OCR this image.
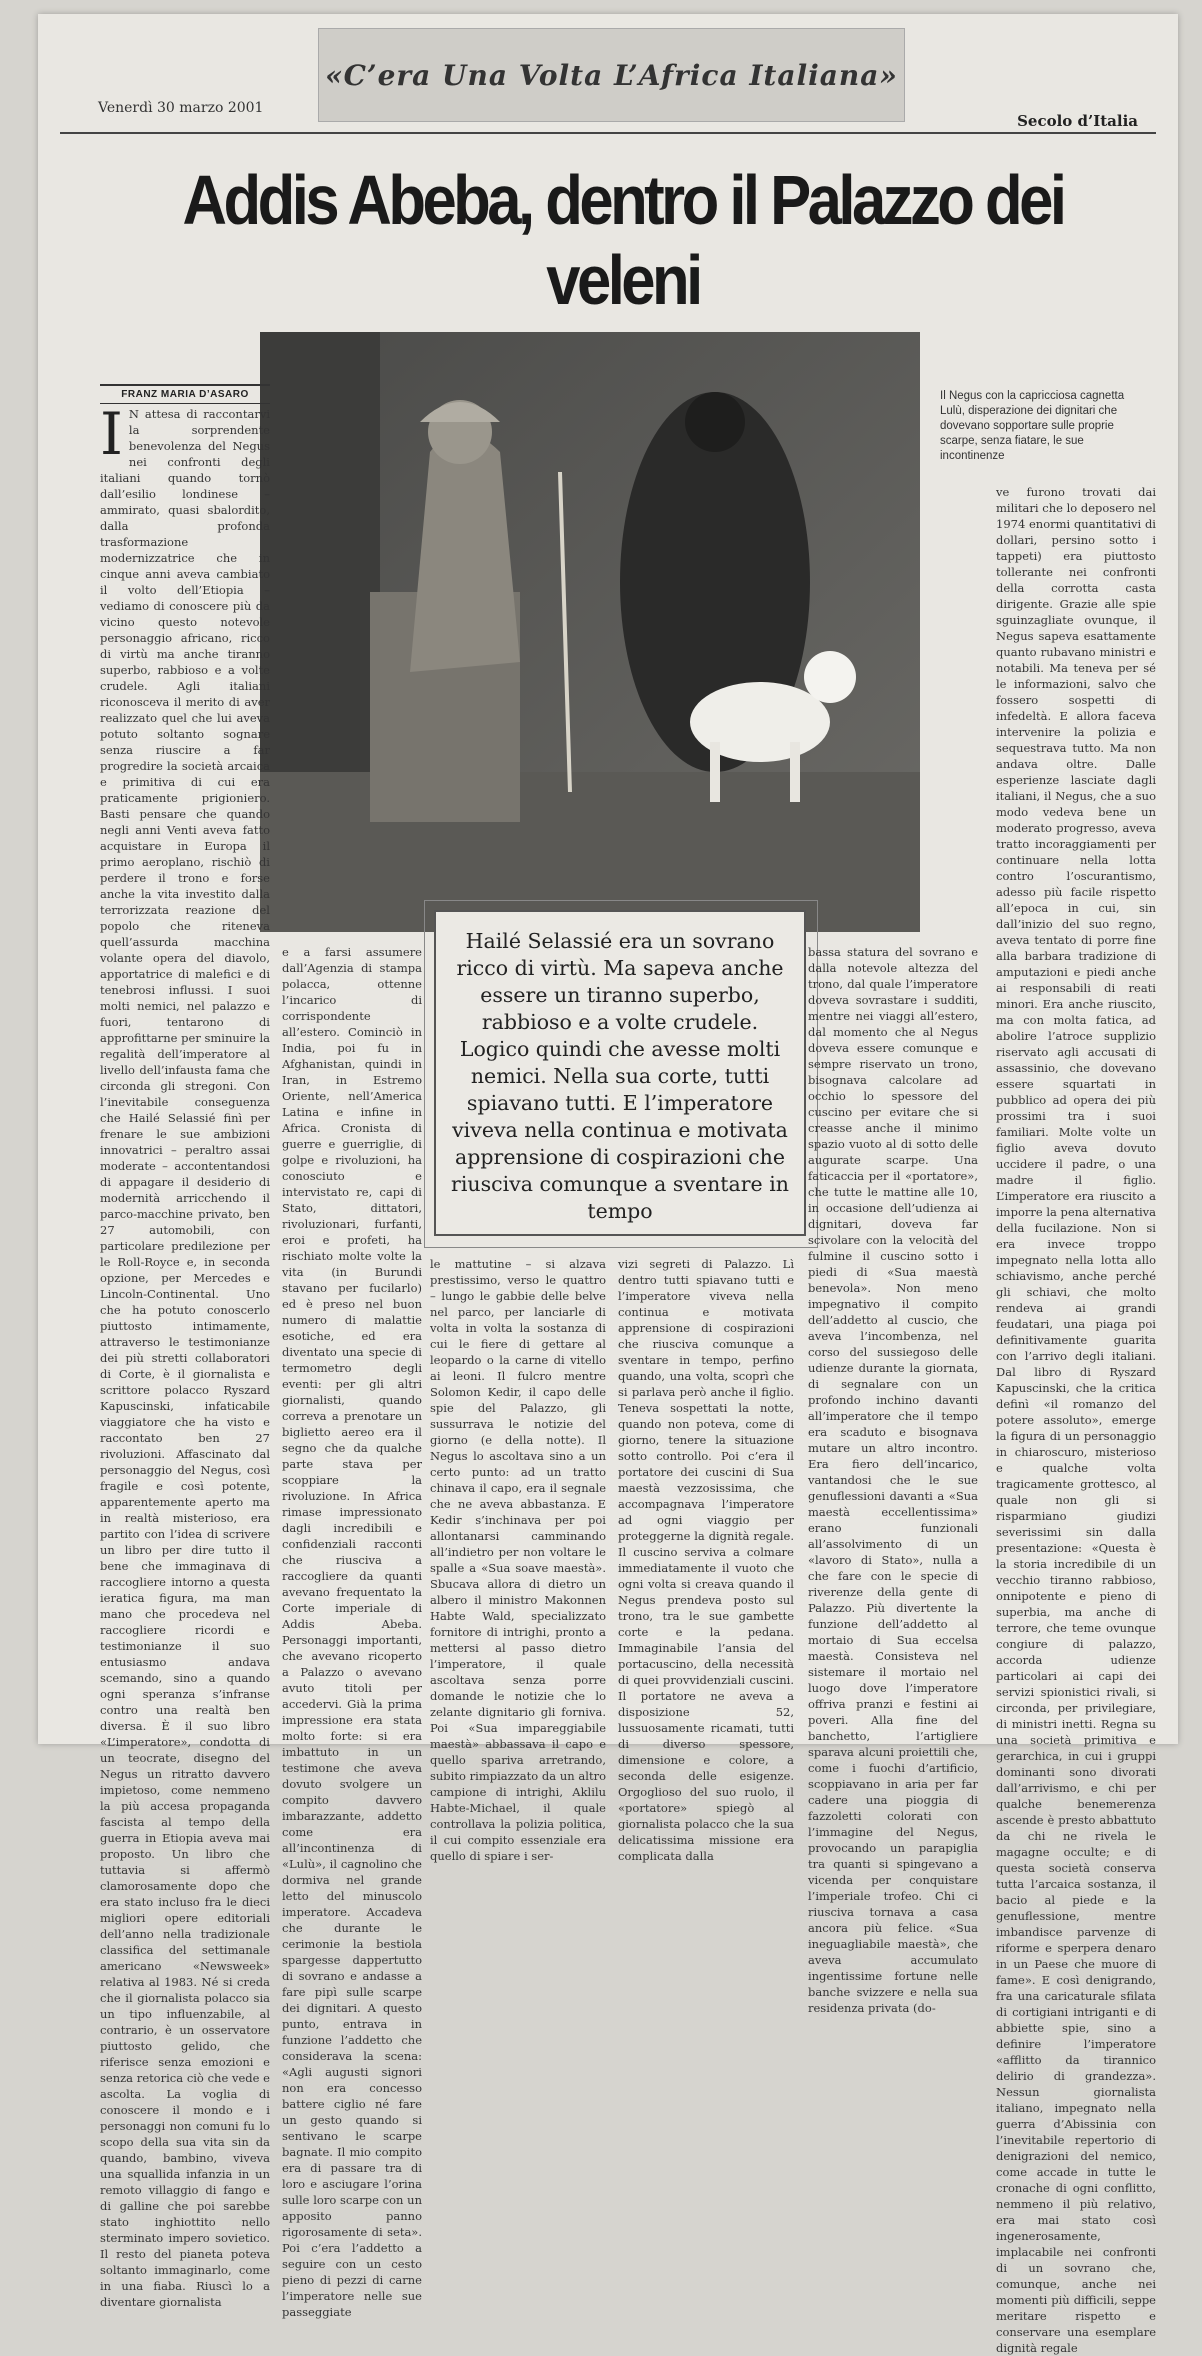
«C’era Una Volta L’Africa Italiana»
Venerdì 30 marzo 2001
Secolo d’Italia
Addis Abeba, dentro il Palazzo dei veleni
FRANZ MARIA D’ASARO	Il Negus con la capricciosa cagnetta Lulù, disperazione dei dignitari che dovevano sopportare sulle proprie scarpe, senza fiatare, le sue incontinenze
I N attesa di raccontarvi la sorprendente benevolenza del Negus nei confronti degli italiani quando tornò dall’esilio londinese – ammirato, quasi sbalordito, dalla profonda trasformazione modernizzatrice che in cinque anni aveva cambiato il volto dell’Etiopia – vediamo di conoscere più da vicino questo notevole personaggio africano, ricco di virtù ma anche tiranno superbo, rabbioso e a volte crudele. Agli italiani riconosceva il merito di aver realizzato quel che lui aveva potuto soltanto sognare senza riuscire a far progredire la società arcaica e primitiva di cui era praticamente prigioniero. Basti pensare che quando negli anni Venti aveva fatto acquistare in Europa il primo aeroplano, rischiò di perdere il trono e forse anche la vita investito dalla terrorizzata reazione del popolo che riteneva quell’assurda macchina volante opera del diavolo, apportatrice di malefici e di tenebrosi influssi. I suoi molti nemici, nel palazzo e fuori, tentarono di approfittarne per sminuire la regalità dell’imperatore al livello dell’infausta fama che circonda gli stregoni. Con l’inevitabile conseguenza che Hailé Selassié finì per frenare le sue ambizioni innovatrici – peraltro assai moderate – accontentandosi di appagare il desiderio di modernità arricchendo il parco-macchine privato, ben 27 automobili, con particolare predilezione per le Roll-Royce e, in seconda opzione, per Mercedes e Lincoln-Continental. Uno che ha potuto conoscerlo piuttosto intimamente, attraverso le testimonianze dei più stretti collaboratori di Corte, è il giornalista e scrittore polacco Ryszard Kapuscinski, infaticabile viaggiatore che ha visto e raccontato ben 27 rivoluzioni. Affascinato dal personaggio del Negus, così fragile e così potente, apparentemente aperto ma in realtà misterioso, era partito con l’idea di scrivere un libro per dire tutto il bene che immaginava di raccogliere intorno a questa ieratica figura, ma man mano che procedeva nel raccogliere ricordi e testimonianze il suo entusiasmo andava scemando, sino a quando ogni speranza s’infranse contro una realtà ben diversa. È il suo libro «L’imperatore», condotta di un teocrate, disegno del Negus un ritratto davvero impietoso, come nemmeno la più accesa propaganda fascista al tempo della guerra in Etiopia aveva mai proposto. Un libro che tuttavia si affermò clamorosamente dopo che era stato incluso fra le dieci migliori opere editoriali dell’anno nella tradizionale classifica del settimanale americano «Newsweek» relativa al 1983. Né si creda che il giornalista polacco sia un tipo influenzabile, al contrario, è un osservatore piuttosto gelido, che riferisce senza emozioni e senza retorica ciò che vede e ascolta. La voglia di conoscere il mondo e i personaggi non comuni fu lo scopo della sua vita sin da quando, bambino, viveva una squallida infanzia in un remoto villaggio di fango e di galline che poi sarebbe stato inghiottito nello sterminato impero sovietico. Il resto del pianeta poteva soltanto immaginarlo, come in una fiaba. Riuscì lo a diventare giornalista
e a farsi assumere dall’Agenzia di stampa polacca, ottenne l’incarico di corrispondente all’estero. Cominciò in India, poi fu in Afghanistan, quindi in Iran, in Estremo Oriente, nell’America Latina e infine in Africa. Cronista di guerre e guerriglie, di golpe e rivoluzioni, ha conosciuto e intervistato re, capi di Stato, dittatori, rivoluzionari, furfanti, eroi e profeti, ha rischiato molte volte la vita (in Burundi stavano per fucilarlo) ed è preso nel buon numero di malattie esotiche, ed era diventato una specie di termometro degli eventi: per gli altri giornalisti, quando correva a prenotare un biglietto aereo era il segno che da qualche parte stava per scoppiare la rivoluzione. In Africa rimase impressionato dagli incredibili e confidenziali racconti che riusciva a raccogliere da quanti avevano frequentato la Corte imperiale di Addis Abeba. Personaggi importanti, che avevano ricoperto a Palazzo o avevano avuto titoli per accedervi. Già la prima impressione era stata molto forte: si era imbattuto in un testimone che aveva dovuto svolgere un compito davvero imbarazzante, addetto come era all’incontinenza di «Lulù», il cagnolino che dormiva nel grande letto del minuscolo imperatore. Accadeva che durante le cerimonie la bestiola spargesse dappertutto di sovrano e andasse a fare pipì sulle scarpe dei dignitari. A questo punto, entrava in funzione l’addetto che considerava la scena: «Agli augusti signori non era concesso battere ciglio né fare un gesto quando si sentivano le scarpe bagnate. Il mio compito era di passare tra di loro e asciugare l’orina sulle loro scarpe con un apposito panno rigorosamente di seta». Poi c’era l’addetto a seguire con un cesto pieno di pezzi di carne l’imperatore nelle sue passeggiate
Hailé Selassié era un sovrano ricco di virtù. Ma sapeva anche essere un tiranno superbo, rabbioso e a volte crudele. Logico quindi che avesse molti nemici. Nella sua corte, tutti spiavano tutti. E l’imperatore viveva nella continua e motivata apprensione di cospirazioni che riusciva comunque a sventare in tempo
le mattutine – si alzava prestissimo, verso le quattro – lungo le gabbie delle belve nel parco, per lanciarle di volta in volta la sostanza di cui le fiere di gettare al leopardo o la carne di vitello ai leoni. Il fulcro mentre Solomon Kedir, il capo delle spie del Palazzo, gli sussurrava le notizie del giorno (e della notte). Il Negus lo ascoltava sino a un certo punto: ad un tratto chinava il capo, era il segnale che ne aveva abbastanza. E Kedir s’inchinava per poi allontanarsi camminando all’indietro per non voltare le spalle a «Sua soave maestà». Sbucava allora di dietro un albero il ministro Makonnen Habte Wald, specializzato fornitore di intrighi, pronto a mettersi al passo dietro l’imperatore, il quale ascoltava senza porre domande le notizie che lo zelante dignitario gli forniva. Poi «Sua impareggiabile maestà» abbassava il capo e quello spariva arretrando, subito rimpiazzato da un altro campione di intrighi, Aklilu Habte-Michael, il quale controllava la polizia politica, il cui compito essenziale era quello di spiare i ser-
vizi segreti di Palazzo. Lì dentro tutti spiavano tutti e l’imperatore viveva nella continua e motivata apprensione di cospirazioni che riusciva comunque a sventare in tempo, perfino quando, una volta, scoprì che si parlava però anche il figlio. Teneva sospettati la notte, quando non poteva, come di giorno, tenere la situazione sotto controllo. Poi c’era il portatore dei cuscini di Sua maestà vezzosissima, che accompagnava l’imperatore ad ogni viaggio per proteggerne la dignità regale. Il cuscino serviva a colmare immediatamente il vuoto che ogni volta si creava quando il Negus prendeva posto sul trono, tra le sue gambette corte e la pedana. Immaginabile l’ansia del portacuscino, della necessità di quei provvidenziali cuscini. Il portatore ne aveva a disposizione 52, lussuosamente ricamati, tutti di diverso spessore, dimensione e colore, a seconda delle esigenze. Orgoglioso del suo ruolo, il «portatore» spiegò al giornalista polacco che la sua delicatissima missione era complicata dalla
bassa statura del sovrano e dalla notevole altezza del trono, dal quale l’imperatore doveva sovrastare i sudditi, mentre nei viaggi all’estero, dal momento che al Negus doveva essere comunque e sempre riservato un trono, bisognava calcolare ad occhio lo spessore del cuscino per evitare che si creasse anche il minimo spazio vuoto al di sotto delle augurate scarpe. Una faticaccia per il «portatore», che tutte le mattine alle 10, in occasione dell’udienza ai dignitari, doveva far scivolare con la velocità del fulmine il cuscino sotto i piedi di «Sua maestà benevola». Non meno impegnativo il compito dell’addetto al cuscio, che aveva l’incombenza, nel corso del sussiegoso delle udienze durante la giornata, di segnalare con un profondo inchino davanti all’imperatore che il tempo era scaduto e bisognava mutare un altro incontro. Era fiero dell’incarico, vantandosi che le sue genuflessioni davanti a «Sua maestà eccellentissima» erano funzionali all’assolvimento di un «lavoro di Stato», nulla a che fare con le specie di riverenze della gente di Palazzo. Più divertente la funzione dell’addetto al mortaio di Sua eccelsa maestà. Consisteva nel sistemare il mortaio nel luogo dove l’imperatore offriva pranzi e festini ai poveri. Alla fine del banchetto, l’artigliere sparava alcuni proiettili che, come i fuochi d’artificio, scoppiavano in aria per far cadere una pioggia di fazzoletti colorati con l’immagine del Negus, provocando un parapiglia tra quanti si spingevano a vicenda per conquistare l’imperiale trofeo. Chi ci riusciva tornava a casa ancora più felice. «Sua ineguagliabile maestà», che aveva accumulato ingentissime fortune nelle banche svizzere e nella sua residenza privata (do-
ve furono trovati dai militari che lo deposero nel 1974 enormi quantitativi di dollari, persino sotto i tappeti) era piuttosto tollerante nei confronti della corrotta casta dirigente. Grazie alle spie sguinzagliate ovunque, il Negus sapeva esattamente quanto rubavano ministri e notabili. Ma teneva per sé le informazioni, salvo che fossero sospetti di infedeltà. E allora faceva intervenire la polizia e sequestrava tutto. Ma non andava oltre. Dalle esperienze lasciate dagli italiani, il Negus, che a suo modo vedeva bene un moderato progresso, aveva tratto incoraggiamenti per continuare nella lotta contro l’oscurantismo, adesso più facile rispetto all’epoca in cui, sin dall’inizio del suo regno, aveva tentato di porre fine alla barbara tradizione di amputazioni e piedi anche ai responsabili di reati minori. Era anche riuscito, ma con molta fatica, ad abolire l’atroce supplizio riservato agli accusati di assassinio, che dovevano essere squartati in pubblico ad opera dei più prossimi tra i suoi familiari. Molte volte un figlio aveva dovuto uccidere il padre, o una madre il figlio. L’imperatore era riuscito a imporre la pena alternativa della fucilazione. Non si era invece troppo impegnato nella lotta allo schiavismo, anche perché gli schiavi, che molto rendeva ai grandi feudatari, una piaga poi definitivamente guarita con l’arrivo degli italiani. Dal libro di Ryszard Kapuscinski, che la critica definì «il romanzo del potere assoluto», emerge la figura di un personaggio in chiaroscuro, misterioso e qualche volta tragicamente grottesco, al quale non gli si risparmiano giudizi severissimi sin dalla presentazione: «Questa è la storia incredibile di un vecchio tiranno rabbioso, onnipotente e pieno di superbia, ma anche di terrore, che teme ovunque congiure di palazzo, accorda udienze particolari ai capi dei servizi spionistici rivali, si circonda, per privilegiare, di ministri inetti. Regna su una società primitiva e gerarchica, in cui i gruppi dominanti sono divorati dall’arrivismo, e chi per qualche benemerenza ascende è presto abbattuto da chi ne rivela le magagne occulte; e di questa società conserva tutta l’arcaica sostanza, il bacio al piede e la genuflessione, mentre imbandisce parvenze di riforme e sperpera denaro in un Paese che muore di fame». E così denigrando, fra una caricaturale sfilata di cortigiani intriganti e di abbiette spie, sino a definire l’imperatore «afflitto da tirannico delirio di grandezza». Nessun giornalista italiano, impegnato nella guerra d’Abissinia con l’inevitabile repertorio di denigrazioni del nemico, come accade in tutte le cronache di ogni conflitto, nemmeno il più relativo, era mai stato così ingenerosamente, implacabile nei confronti di un sovrano che, comunque, anche nei momenti più difficili, seppe meritare rispetto e conservare una esemplare dignità regale
